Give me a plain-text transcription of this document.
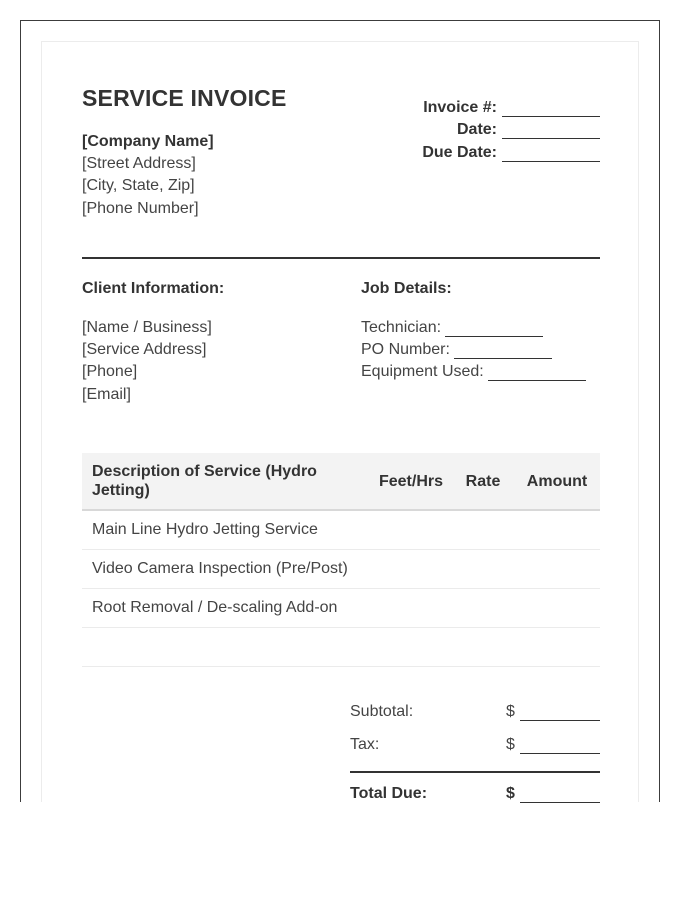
SERVICE INVOICE
[Company Name]
[Street Address]
[City, State, Zip]
[Phone Number]
Invoice #:
Date:
Due Date:
Client Information:
[Name / Business]
[Service Address]
[Phone]
[Email]
Job Details:
Technician:
PO Number:
Equipment Used:
Description of Service (Hydro Jetting)	Feet/Hrs	Rate	Amount
Main Line Hydro Jetting Service			
Video Camera Inspection (Pre/Post)			
Root Removal / De-scaling Add-on			

Subtotal:	$
Tax:	$
Total Due:	$
